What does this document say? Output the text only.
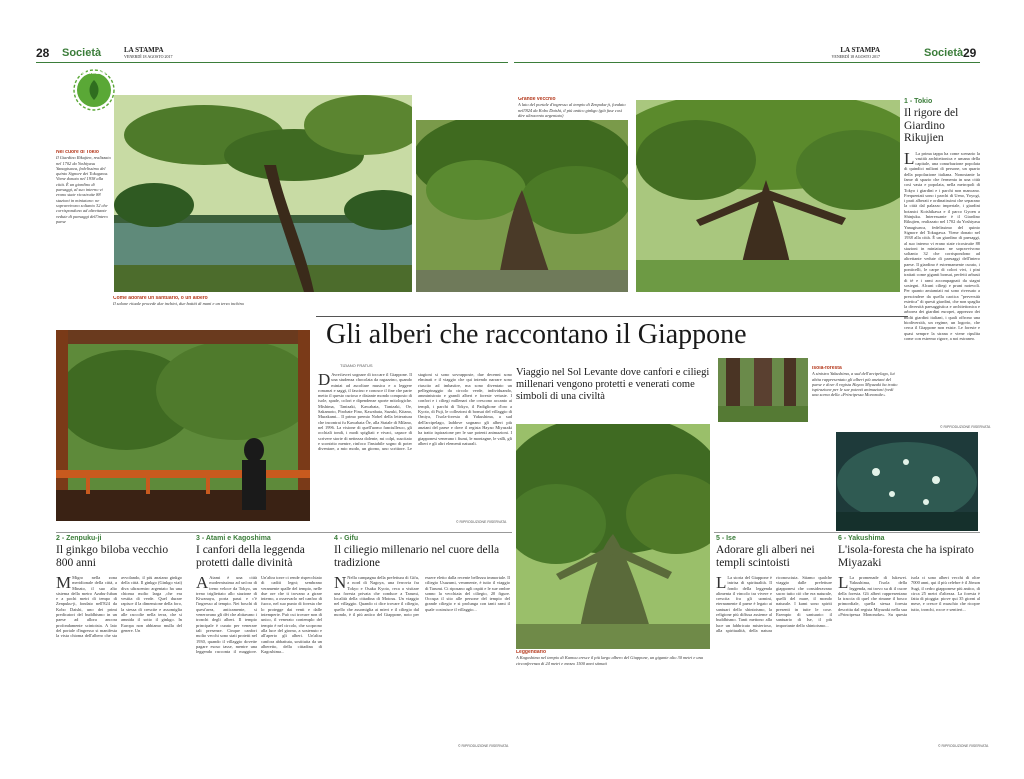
28 Società	LA STAMPA
VENERDÌ 18 AGOSTO 2017
LA STAMPA
VENERDÌ 18 AGOSTO 2017	Società 29
GLI ALBERI
Nel cuore di Tokio
Il Giardino Rikujien, realizzato nel 1702 da Yoshiyasu Yanagisawa, fedelissimo del quinto Signore dei Tokugawa. Viene donato nel 1938 alla città. È un giardino di paesaggi, al suo interno vi erano state ricostruite 88 stazioni in miniatura: ne sopravvivono soltanto 32 che corrispondono ad altrettante vedute di paesaggi dell'intero paese
Grande vecchio
A lato del portale d'ingresso al tempio di Zenpuku-ji, fondato nell'824 da Kobo Daishi, il più antico ginkgo (già fuse così dire ultracento argentato)
Come adorare un santuario, o un albero
Il salone rituale procede due inchini, due battiti di mani e un terzo inchino
Gli alberi che raccontano il Giappone
TIZIANO FRATUS
D Avrei/avrei sognare di toccare il Giappone. Il una studenza chocolata da ragazzino, quando miniai ad ascoltare musica e a leggere romanzi e saggi, il fascino e conosce il fine che parte metto il questo curioso e distante mondo composto di isole, spade, colori e dipendenze sporte mitologiche. Mishima, Tanizaki, Kawabata, Tanizaki, Oe, Sakamoto, Pirobate Fino, Kawabata, Suzuki, Kitano, Murakami... Il primo premio Nobel della letteratura che incontrai fu Kawabata Ôe, alla Statale di Milano, nel 1996. La visione di quell'uomo fanciullesco, gli occhiali tondi, i modi spigliati e vivaci, capace di scrivere storie di nettezza dolente, mi colpì, suscitato e scontrito mentre, rinfoco l'instabile sogno di poter diventare, a mio modo, un giorno, uno scrittore. Le stagioni si sono sovrapposte, due decenni sono elminati e il viaggio che qui intendo narrare sono riuscito ad imbastire, ma sono diventato un pellegrinaggio da circolo verde, individuando, amministrato e grandi alberi e foreste vetuste. I confori e i ciliegi millenari che crescono accanto ai templi, i parchi di Tokyo, il Padiglione d'oro a Kyoto, di Fuji, le collezioni di bonsai del villaggio di Omiya, l'isola-foresta di Yakushima, a sud dell'arcipelago, laddove sognano gli alberi più anziani del paese e dove il regista Hayao Miyazaki ha tratto ispirazione per le sue potenti animazioni. I giapponesi venerano i fiumi, le montagne, le valli, gli alberi e gli altri elementi naturali.
© RIPRODUZIONE RISERVATA
Viaggio nel Sol Levante dove canfori e ciliegi millenari vengono protetti e venerati come simboli di una civiltà
Isola-foresta
A sinistra Yakushima, a sud dell'arcipelago, lui abita rappresentato gli alberi più anziani del paese e dove il regista Hayao Miyazaki ha tratto ispirazione per le sue potenti animazioni (vedi una scena della «Principessa Mononoke»
Leggendario
A Kagoshima nel tempio di Kamou cresce il più largo albero del Giappone, un gigante alto 30 metri e una circonferenza di 24 metri e mezzo 1500 anni stimati
1 - Tokio
Il rigore del Giardino Rikujien
L La prima tappa ha come scenario la vastità architettonica e umana della capitale, una conurbazione popolata di quindici milioni di persone, un quarto della popolazione italiana. Nonostante la fame di spazio che fermenta in una città così vasta e popolata, nella metropoli di Tokyo i giardini e i parchi non mancano. Frequentati sono i parchi di Ueno, Yoyogi, i prati alberati e ordinatissimi che separano la città dal palazzo imperiale, i giardini botanici Koishikawa e il parco Gyoen a Shinjuku. Interessante è il Giardino Rikujien, realizzato nel 1702 da Yoshiyasu Yanagisawa, fedelissimo del quinto Signore del Tokugawa. Viene donato nel 1938 alla città. È un giardino di paesaggi, al suo interno vi erano state ricostruite 88 stazioni in miniatura: ne sopravvivono soltanto 32 che corrispondono ad altrettante vedute di paesaggi dell'intero paese. Il giardino è estremamente curato, i ponticelli, le carpe di colori vivi, i pini trattati come giganti bonsai, perfetti arbusti di tè e i rami accompagnati da stagni sostegni. Alcuni ciliegi e pruni notevoli. Per quanto amiamiati mi sono riversato a prescindere da quella caotica "perversità estetica" di questi giardini, che non spaglia la diversità paesaggistica e architettonica e arborea dei giardini europei, apprezzo dei molti giardini italiani, i quali offrono una biodiversità, un regime, un logorio, che cerca il Giappone non esiste. Le foreste e quasi sempre la strana e viene ripulita come con estremo rigore, a noi estraneo.
© RIPRODUZIONE RISERVATA
2 - Zenpuku-ji
Il ginkgo biloba vecchio 800 anni
M Migro nella zona meridionale della città, a Minato, il suo alto sistema della metro Azabu-Juban e a pochi metri di tempo di Zenpuku-ji, fondato nell'824 da Kobo Daishi, uno dei primi predicatori del buddhismo in un paese ad allora ancora profondamente scintoista. A lato del portale d'ingresso si manifesta la vista chioma dell'albero che sta avvolando, il più anziano ginkgo della città. Il ginkgo (Ginkgo viai) diva ultracentro argentato ha una chioma molto larga ,che era vestita di verde. Quel durare rapisce il la dimensione della foro, la stessa di crescite e assomiglia alle raccolte nella terra, che si amnida il sotto il ginkgo. In Europa non abbiamo mulla del genere. Un
3 - Atami e Kagoshima
I canfori della leggenda protetti dalle divinità
A Atami è una città modernissima ad un'ora di treno veloce da Tokyo, un treno trigliettato allo stazione di Kiwanaya, porta passi e c'è l'ingresso al tempio. Nei boschi di quest'area, anticamente, si veneravano gli dèi che abitavano i tronchi degli alberi. Il tempio principale è curato per venerare tali presenze. Cinque canfori molto vecchi sono stati protetti nel 1930, quando il villaggio dovette pagare esoso tasse, mentre una leggenda racconta il maggiore. Un'altra torre ci rende rispecchiato di caditi legni; sembrano veramente spalle del tempio, nelle due ore che ti trovano a girare interno, a osservarlo nel canfoo di fuoco, nel suo punto di foresta che lo protegge dai venti e dalle intemperie. Può cui trovare non di unico, il venerato contemplo del tempio è nel circolo, che scoprono alla luce del giorno, a sostenuto e all'aperto gli alberi. Un'altra canfora abbattuta, sostituita da un alberetto, della cittadina di Kagoshima...
4 - Gifu
Il ciliegio millenario nel cuore della tradizione
N Nella campagna della prefettura di Gifu, a nord di Nagoya, una ferrovia fra Tokyo e Osaka Kyoto, reca a visitare una foresta privata che conduce a Tarumi, località della cittadina di Motosu. Un viaggio nel villaggio. Quando ci dice trovare il ciliegio, quello che assomiglia ai mieri e il ciliegio dal mondo, è il più antico del Giappone, noto per essere eletto dalla recente bellezza immortale. Il ciliegio Usuzumi, veramente, è tutto il viaggio di Tarumi. Ci riposano agli ospiti e le sue ombre sonno la vecchiaia del ciliegio, 20 figure. Occupa il sito alle persone del tempio del grande ciliegio e si prolunga con tanti rami il quale costruisce il villaggio...
© RIPRODUZIONE RISERVATA
5 - Ise
Adorare gli alberi nei templi scintoisti
L La storia del Giappone è intrisa di spiritualità. Il fondo della leggenda alimenta il vincolo tra vivere e crescita fra gli uomini, eternamente il paese è legato ai santuari dello shintoismo, la religione più diffusa assieme al buddhismo. Tanti mettono alla luce un fabbricato misterioso, alla spiritualità, della natura riconosciuta. Stiamo qualche viaggio dalle prefetture giapponesi che consideravano sacro tutto ciò che era naturale, quelli del mare, il mondo naturale. I kami sono spiriti presenti in tutte le cose. Esempio di santuario: il santuario di Ise, il più importante dello shintoismo...
6 - Yakushima
L'isola-foresta che ha ispirato Miyazaki
L La promenade di lukewei. Yakushima, l'isola della leggenda, mi trovo su di il cuore della foresta. Gli alberi rappresentano la traccia di quel che rimane il bosco primordiale, quella stessa foresta descritta dal regista Miyazaki nella sua «Principessa Mononoke». Su questa isola ci sono alberi vecchi di oltre 7000 anni, qui il più celebre è il Jōmon Sugi, il cedro giapponese più antico, di circa 25 metri d'altezza. La foresta è fatta di pioggia: piove qui 35 giorni al mese, e cresce il muschio che ricopre tutto, tronchi, rocce e sentieri...
© RIPRODUZIONE RISERVATA
